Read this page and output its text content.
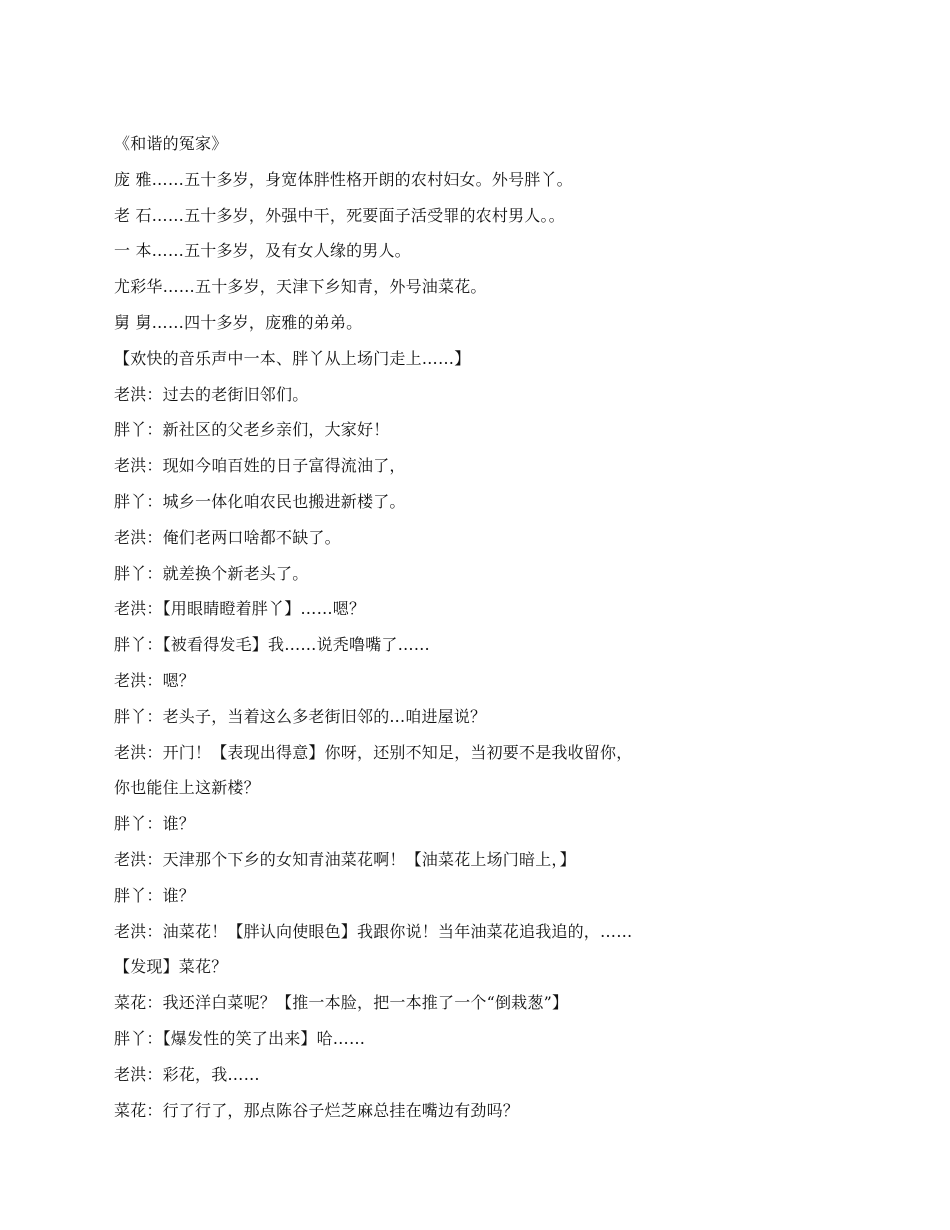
《和谐的冤家》
庞 雅……五十多岁，身宽体胖性格开朗的农村妇女。外号胖丫。
老 石……五十多岁，外强中干，死要面子活受罪的农村男人。。
一 本……五十多岁，及有女人缘的男人。
尤彩华……五十多岁，天津下乡知青，外号油菜花。
舅 舅……四十多岁，庞雅的弟弟。
【欢快的音乐声中一本、胖丫从上场门走上……】
老洪：过去的老街旧邻们。
胖丫：新社区的父老乡亲们，大家好！
老洪：现如今咱百姓的日子富得流油了，
胖丫：城乡一体化咱农民也搬进新楼了。
老洪：俺们老两口啥都不缺了。
胖丫：就差换个新老头了。
老洪：【用眼睛瞪着胖丫】……嗯？
胖丫：【被看得发毛】我……说秃噜嘴了……
老洪：嗯？
胖丫：老头子，当着这么多老街旧邻的...咱进屋说？
老洪：开门！【表现出得意】你呀，还别不知足，当初要不是我收留你，
你也能住上这新楼？
胖丫：谁？
老洪：天津那个下乡的女知青油菜花啊！【油菜花上场门暗上，】
胖丫：谁？
老洪：油菜花！【胖认向使眼色】我跟你说！当年油菜花追我追的，……
【发现】菜花？
菜花：我还洋白菜呢？【推一本脸，把一本推了一个“倒栽葱”】
胖丫：【爆发性的笑了出来】哈……
老洪：彩花，我……
菜花：行了行了，那点陈谷子烂芝麻总挂在嘴边有劲吗？
